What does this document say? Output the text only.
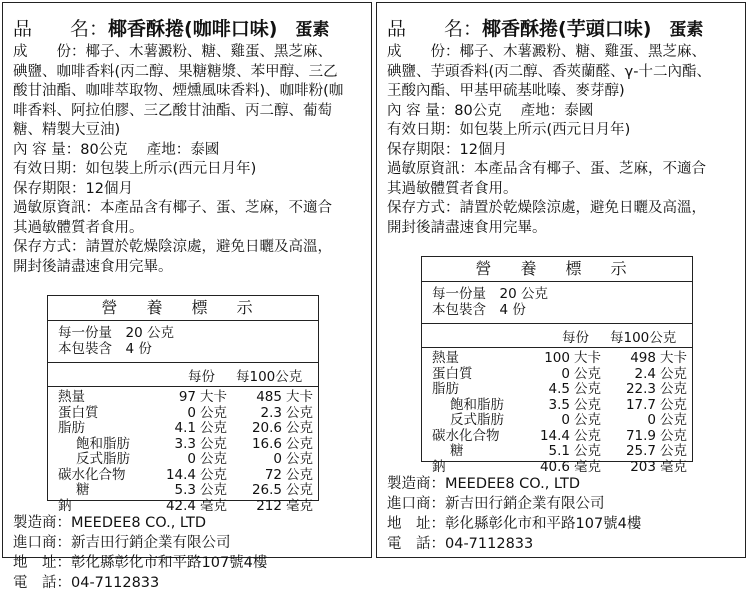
品　　名：椰香酥捲(咖啡口味) 蛋素
成　　份：椰子、木薯澱粉、糖、雞蛋、黑芝麻、
碘鹽、咖啡香料(丙二醇、果糖糖漿、苯甲醇、三乙
酸甘油酯、咖啡萃取物、煙燻風味香料)、咖啡粉(咖
啡香料、阿拉伯膠、三乙酸甘油酯、丙二醇、葡萄
糖、精製大豆油)
內 容 量：80公克　 產地：泰國
有效日期：如包裝上所示(西元日月年)
保存期限：12個月
過敏原資訊：本產品含有椰子、蛋、芝麻，不適合
其過敏體質者食用。
保存方式：請置於乾燥陰涼處，避免日曬及高溫，
開封後請盡速食用完畢。
營 養 標 示
每一份量　20 公克
本包裝含　4 份
每份 每100公克
熱量	97 大卡	485 大卡
蛋白質	0 公克	2.3 公克
脂肪	4.1 公克	20.6 公克
飽和脂肪	3.3 公克	16.6 公克
反式脂肪	0 公克	0 公克
碳水化合物	14.4 公克	72 公克
糖	5.3 公克	26.5 公克
鈉	42.4 毫克	212 毫克
製造商：MEEDEE8 CO., LTD
進口商：新吉田行銷企業有限公司
地　址：彰化縣彰化市和平路107號4樓
電　話：04-7112833
品　　名：椰香酥捲(芋頭口味) 蛋素
成　　份：椰子、木薯澱粉、糖、雞蛋、黑芝麻、
碘鹽、芋頭香料(丙二醇、香莢蘭醛、γ-十二內酯、
王酸內酯、甲基甲硫基吡嗪、麥芽醇)
內 容 量：80公克　 產地：泰國
有效日期：如包裝上所示(西元日月年)
保存期限：12個月
過敏原資訊：本產品含有椰子、蛋、芝麻，不適合
其過敏體質者食用。
保存方式：請置於乾燥陰涼處，避免日曬及高溫，
開封後請盡速食用完畢。
營 養 標 示
每一份量　20 公克
本包裝含　4 份
每份 每100公克
熱量	100 大卡	498 大卡
蛋白質	0 公克	2.4 公克
脂肪	4.5 公克	22.3 公克
飽和脂肪	3.5 公克	17.7 公克
反式脂肪	0 公克	0 公克
碳水化合物	14.4 公克	71.9 公克
糖	5.1 公克	25.7 公克
鈉	40.6 毫克	203 毫克
製造商：MEEDEE8 CO., LTD
進口商：新吉田行銷企業有限公司
地　址：彰化縣彰化市和平路107號4樓
電　話：04-7112833
